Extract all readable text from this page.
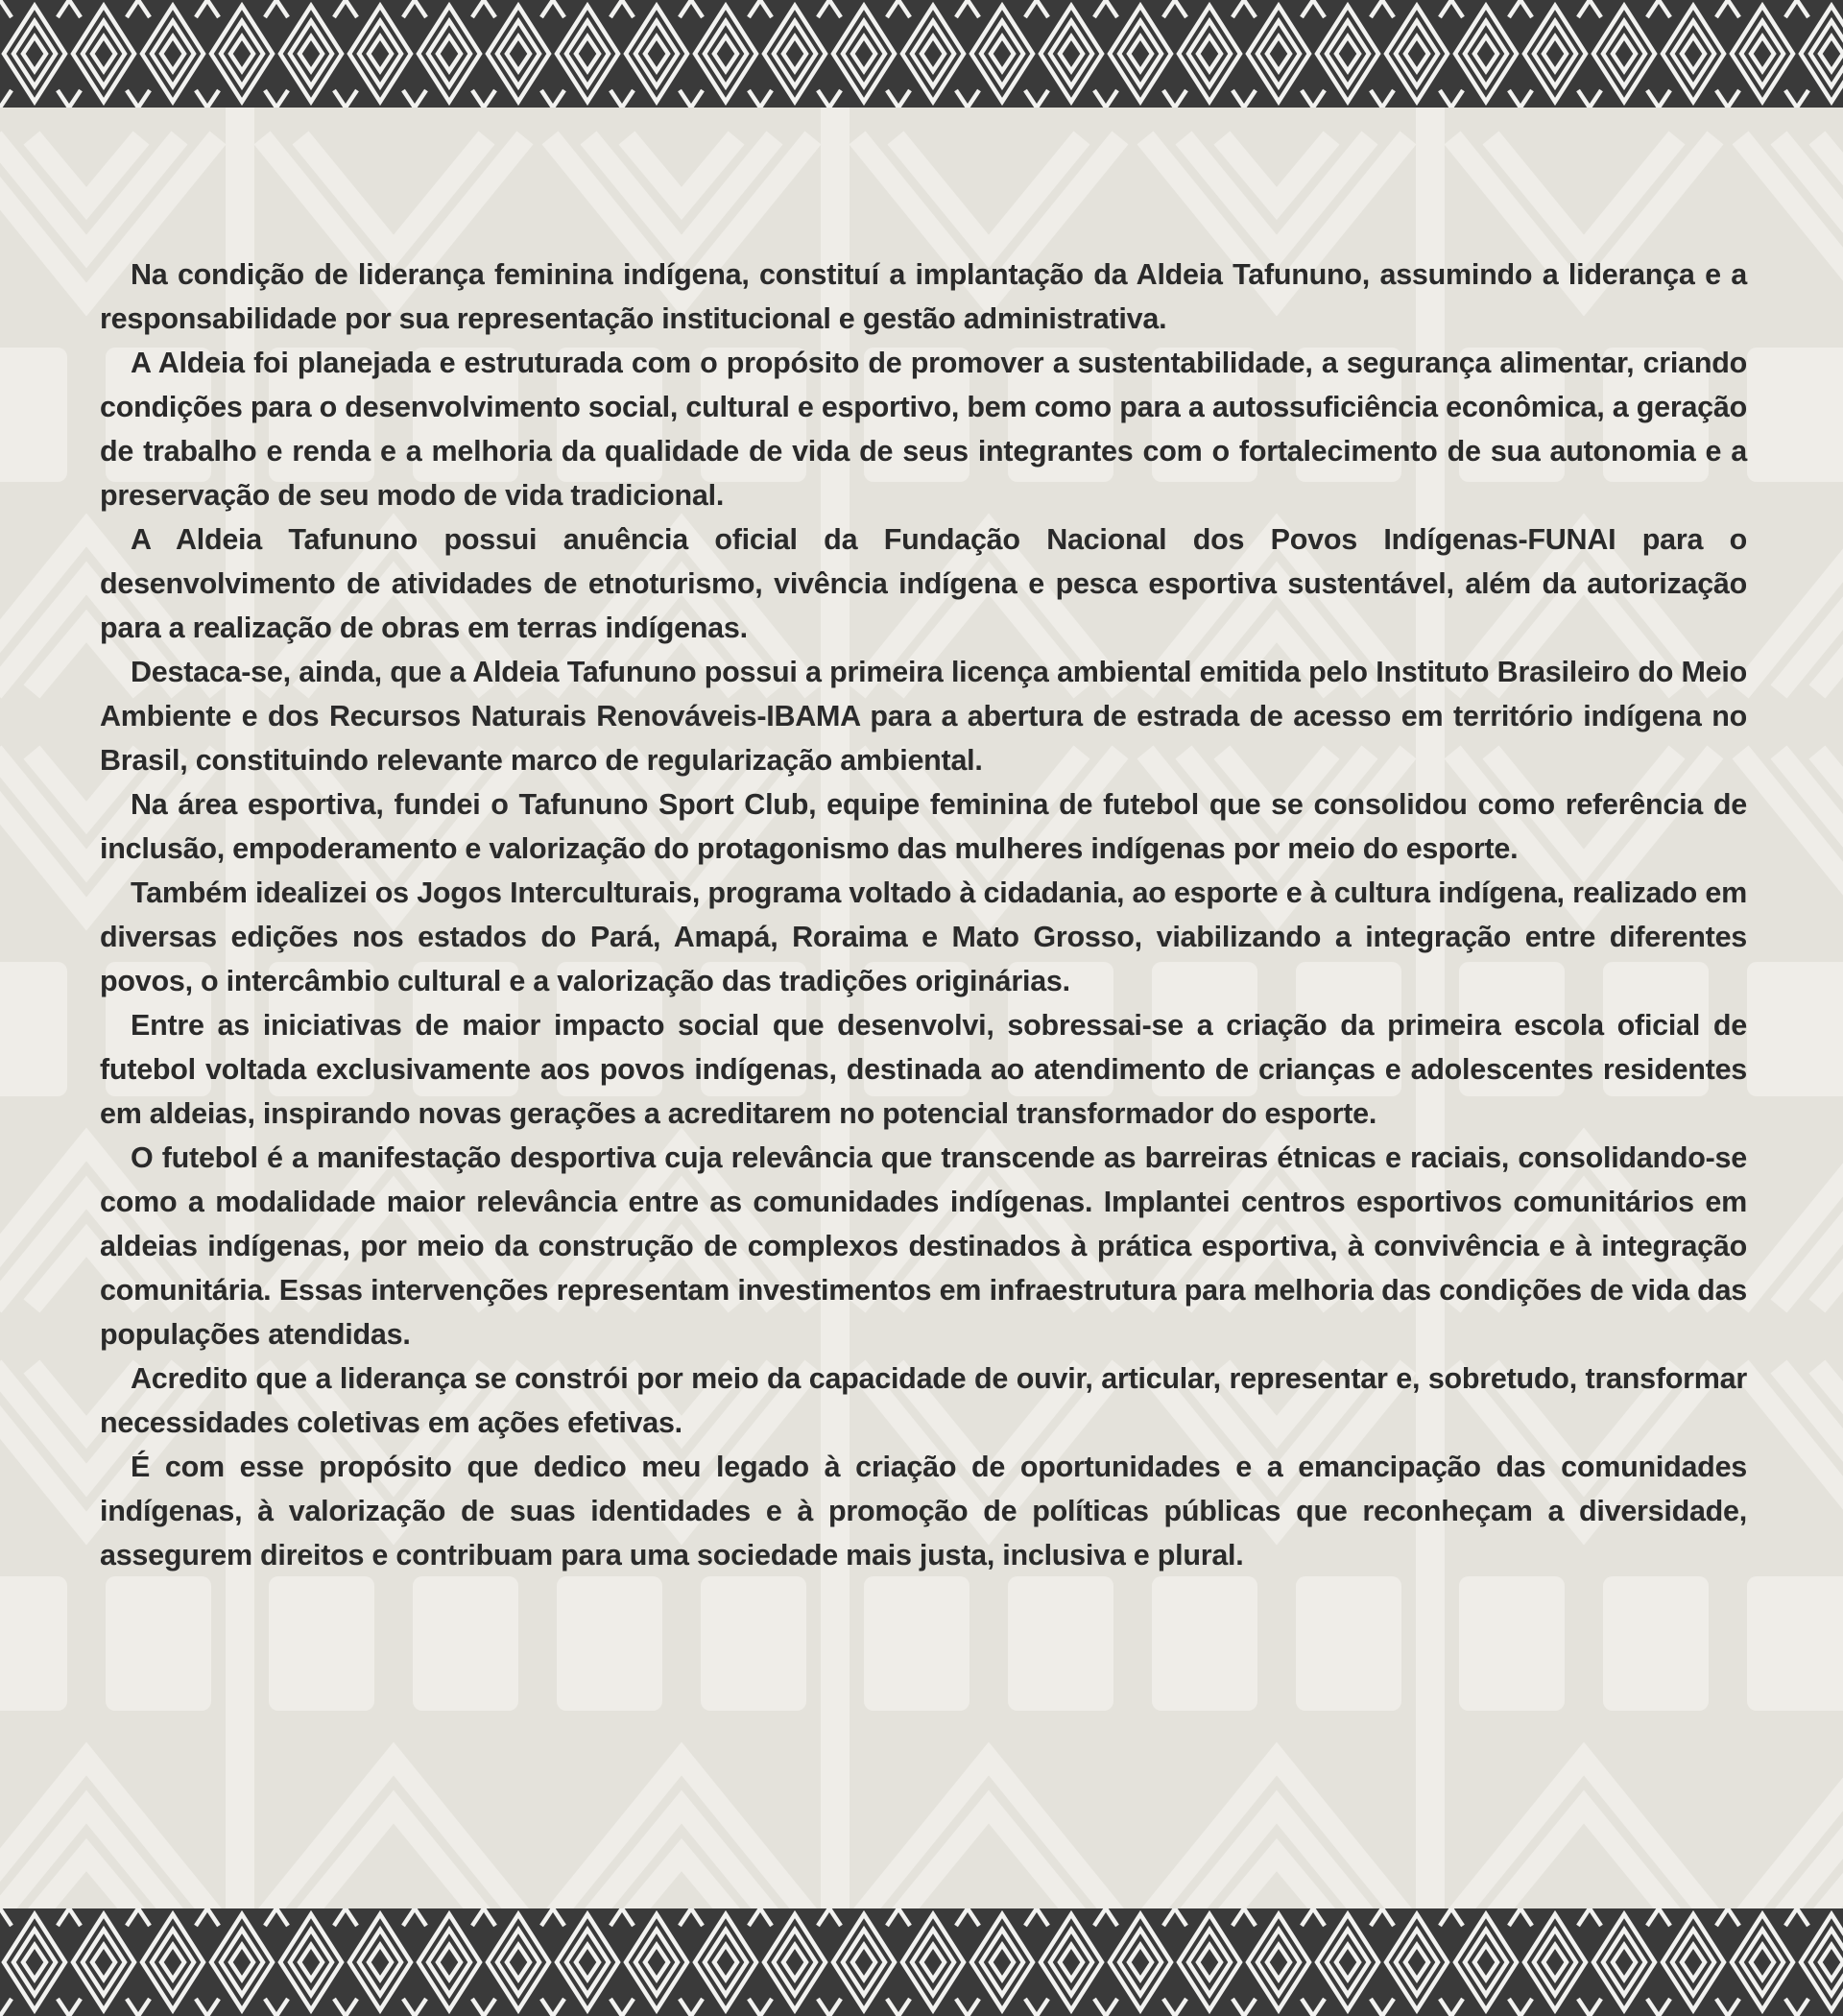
Na condição de liderança feminina indígena, constituí a implantação da Aldeia Tafununo, assumindo a liderança e a responsabilidade por sua representação institucional e gestão administrativa.

A Aldeia foi planejada e estruturada com o propósito de promover a sustentabilidade, a segurança alimentar, criando condições para o desenvolvimento social, cultural e esportivo, bem como para a autossuficiência econômica, a geração de trabalho e renda e a melhoria da qualidade de vida de seus integrantes com o fortalecimento de sua autonomia e a preservação de seu modo de vida tradicional.

A Aldeia Tafununo possui anuência oficial da Fundação Nacional dos Povos Indígenas-FUNAI para o desenvolvimento de atividades de etnoturismo, vivência indígena e pesca esportiva sustentável, além da autorização para a realização de obras em terras indígenas.

Destaca-se, ainda, que a Aldeia Tafununo possui a primeira licença ambiental emitida pelo Instituto Brasileiro do Meio Ambiente e dos Recursos Naturais Renováveis-IBAMA para a abertura de estrada de acesso em território indígena no Brasil, constituindo relevante marco de regularização ambiental.

Na área esportiva, fundei o Tafununo Sport Club, equipe feminina de futebol que se consolidou como referência de inclusão, empoderamento e valorização do protagonismo das mulheres indígenas por meio do esporte.

Também idealizei os Jogos Interculturais, programa voltado à cidadania, ao esporte e à cultura indígena, realizado em diversas edições nos estados do Pará, Amapá, Roraima e Mato Grosso, viabilizando a integração entre diferentes povos, o intercâmbio cultural e a valorização das tradições originárias.

Entre as iniciativas de maior impacto social que desenvolvi, sobressai-se a criação da primeira escola oficial de futebol voltada exclusivamente aos povos indígenas, destinada ao atendimento de crianças e adolescentes residentes em aldeias, inspirando novas gerações a acreditarem no potencial transformador do esporte.

O futebol é a manifestação desportiva cuja relevância que transcende as barreiras étnicas e raciais, consolidando-se como a modalidade maior relevância entre as comunidades indígenas. Implantei centros esportivos comunitários em aldeias indígenas, por meio da construção de complexos destinados à prática esportiva, à convivência e à integração comunitária. Essas intervenções representam investimentos em infraestrutura para melhoria das condições de vida das populações atendidas.

Acredito que a liderança se constrói por meio da capacidade de ouvir, articular, representar e, sobretudo, transformar necessidades coletivas em ações efetivas.

É com esse propósito que dedico meu legado à criação de oportunidades e a emancipação das comunidades indígenas, à valorização de suas identidades e à promoção de políticas públicas que reconheçam a diversidade, assegurem direitos e contribuam para uma sociedade mais justa, inclusiva e plural.
